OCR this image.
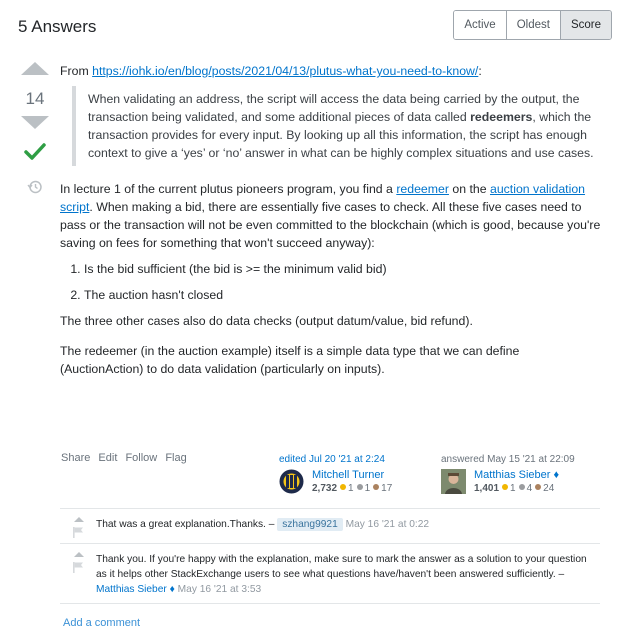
5 Answers	Active	Oldest	Score
14

From https://iohk.io/en/blog/posts/2021/04/13/plutus-what-you-need-to-know/:

When validating an address, the script will access the data being carried by the output, the transaction being validated, and some additional pieces of data called redeemers, which the transaction provides for every input. By looking up all this information, the script has enough context to give a ‘yes’ or ‘no’ answer in what can be highly complex situations and use cases.

In lecture 1 of the current plutus pioneers program, you find a redeemer on the auction validation script. When making a bid, there are essentially five cases to check. All these five cases need to pass or the transaction will not be even committed to the blockchain (which is good, because you're saving on fees for something that won't succeed anyway):

1. Is the bid sufficient (the bid is >= the minimum valid bid)
2. The auction hasn't closed

The three other cases also do data checks (output datum/value, bid refund).

The redeemer (in the auction example) itself is a simple data type that we can define (AuctionAction) to do data validation (particularly on inputs).

Share Edit Follow Flag	edited Jul 20 '21 at 2:24
Mitchell Turner
2,732 1 1 17
answered May 15 '21 at 22:09
Matthias Sieber ♦
1,401 1 4 24
That was a great explanation.Thanks. – szhang9921 May 16 '21 at 0:22
Thank you. If you're happy with the explanation, make sure to mark the answer as a solution to your question as it helps other StackExchange users to see what questions have/haven't been answered sufficiently. – Matthias Sieber ♦ May 16 '21 at 3:53
Add a comment
